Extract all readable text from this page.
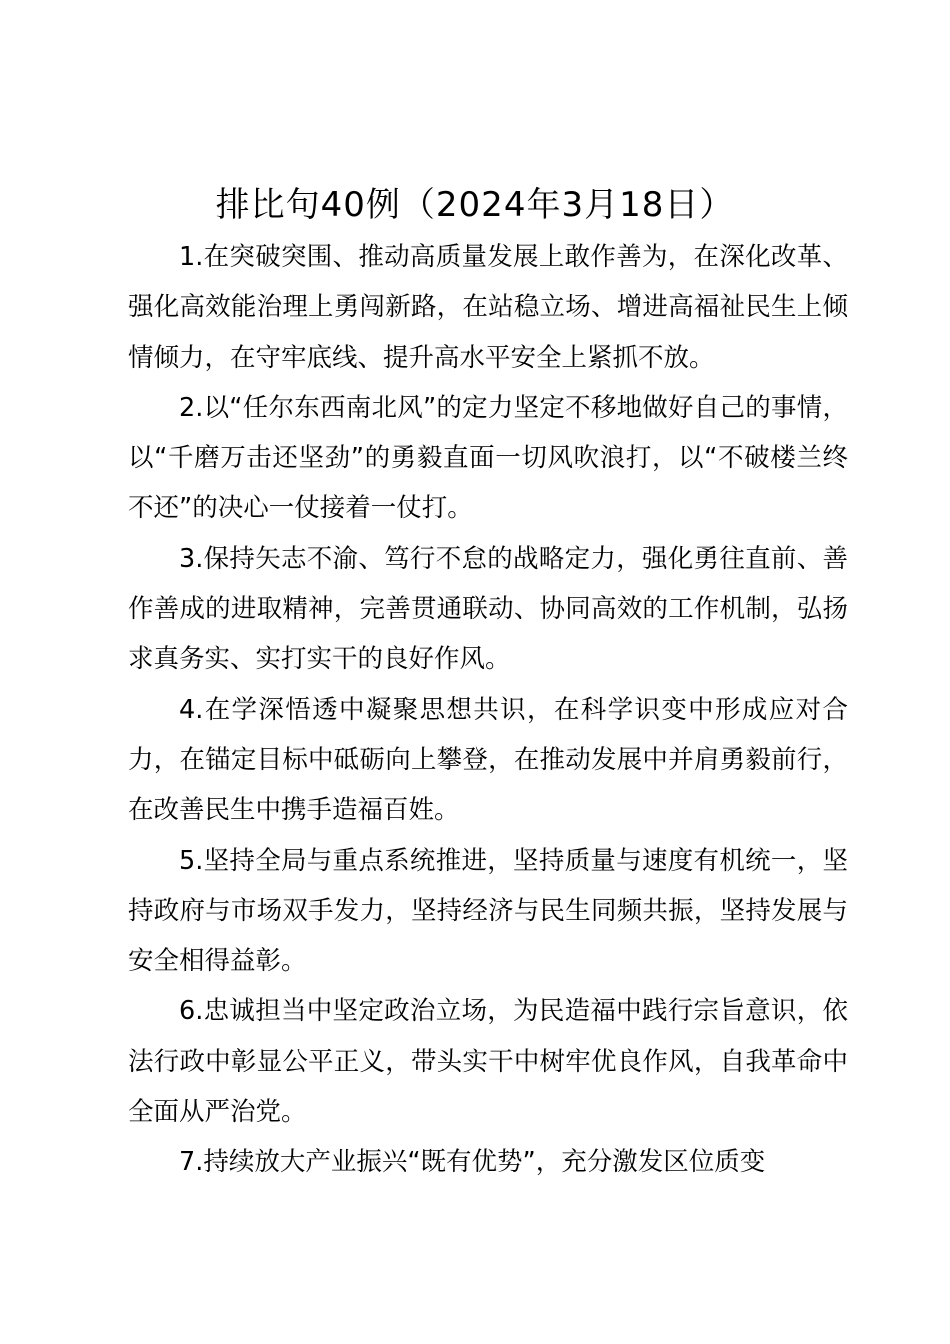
排比句40例（2024年3月18日）

1.在突破突围、推动高质量发展上敢作善为，在深化改革、强化高效能治理上勇闯新路，在站稳立场、增进高福祉民生上倾情倾力，在守牢底线、提升高水平安全上紧抓不放。

2.以“任尔东西南北风”的定力坚定不移地做好自己的事情，以“千磨万击还坚劲”的勇毅直面一切风吹浪打，以“不破楼兰终不还”的决心一仗接着一仗打。

3.保持矢志不渝、笃行不怠的战略定力，强化勇往直前、善作善成的进取精神，完善贯通联动、协同高效的工作机制，弘扬求真务实、实打实干的良好作风。

4.在学深悟透中凝聚思想共识，在科学识变中形成应对合力，在锚定目标中砥砺向上攀登，在推动发展中并肩勇毅前行，在改善民生中携手造福百姓。

5.坚持全局与重点系统推进，坚持质量与速度有机统一，坚持政府与市场双手发力，坚持经济与民生同频共振，坚持发展与安全相得益彰。

6.忠诚担当中坚定政治立场，为民造福中践行宗旨意识，依法行政中彰显公平正义，带头实干中树牢优良作风，自我革命中全面从严治党。

7.持续放大产业振兴“既有优势”，充分激发区位质变
